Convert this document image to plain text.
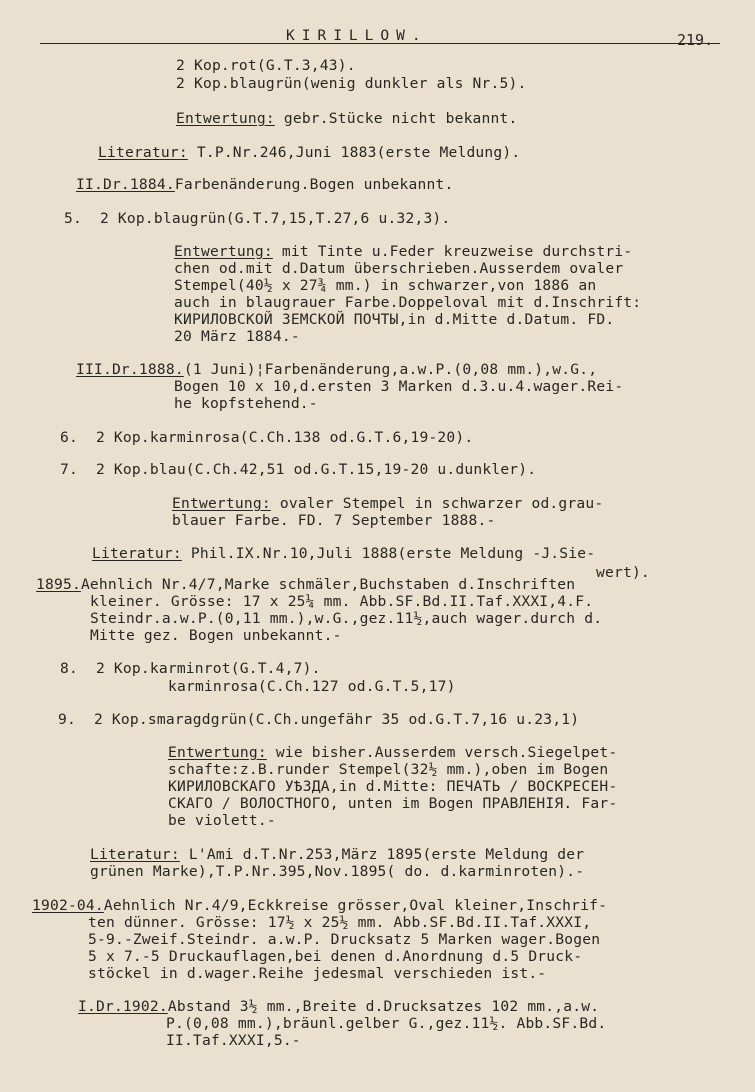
KIRILLOW.	219.
2 Kop.rot(G.T.3,43).
2 Kop.blaugrün(wenig dunkler als Nr.5).
Entwertung: gebr.Stücke nicht bekannt.
Literatur: T.P.Nr.246,Juni 1883(erste Meldung).
II.Dr.1884.Farbenänderung.Bogen unbekannt.
5.  2 Kop.blaugrün(G.T.7,15,T.27,6 u.32,3).
Entwertung: mit Tinte u.Feder kreuzweise durchstri-
chen od.mit d.Datum überschrieben.Ausserdem ovaler
Stempel(40½ x 27¾ mm.) in schwarzer,von 1886 an
auch in blaugrauer Farbe.Doppeloval mit d.Inschrift:
КИРИЛОВСКОЙ ЗЕМСКОЙ ПОЧТЫ,in d.Mitte d.Datum. FD.
20 März 1884.-
III.Dr.1888.(1 Juni)¦Farbenänderung,a.w.P.(0,08 mm.),w.G.,
Bogen 10 x 10,d.ersten 3 Marken d.3.u.4.wager.Rei-
he kopfstehend.-
6.  2 Kop.karminrosa(C.Ch.138 od.G.T.6,19-20).
7.  2 Kop.blau(C.Ch.42,51 od.G.T.15,19-20 u.dunkler).
Entwertung: ovaler Stempel in schwarzer od.grau-
blauer Farbe. FD. 7 September 1888.-
Literatur: Phil.IX.Nr.10,Juli 1888(erste Meldung -J.Sie-
wert).
1895.Aehnlich Nr.4/7,Marke schmäler,Buchstaben d.Inschriften
kleiner. Grösse: 17 x 25¼ mm. Abb.SF.Bd.II.Taf.XXXI,4.F.
Steindr.a.w.P.(0,11 mm.),w.G.,gez.11½,auch wager.durch d.
Mitte gez. Bogen unbekannt.-
8.  2 Kop.karminrot(G.T.4,7).
karminrosa(C.Ch.127 od.G.T.5,17)
9.  2 Kop.smaragdgrün(C.Ch.ungefähr 35 od.G.T.7,16 u.23,1)
Entwertung: wie bisher.Ausserdem versch.Siegelpet-
schafte:z.B.runder Stempel(32½ mm.),oben im Bogen
КИРИЛОВСКАГО УѢЗДА,in d.Mitte: ПЕЧАТЬ / ВОСКРЕСЕН-
СКАГО / ВОЛОСТНОГО, unten im Bogen ПРАВЛЕНІЯ. Far-
be violett.-
Literatur: L'Ami d.T.Nr.253,März 1895(erste Meldung der
grünen Marke),T.P.Nr.395,Nov.1895( do. d.karminroten).-
1902-04.Aehnlich Nr.4/9,Eckkreise grösser,Oval kleiner,Inschrif-
ten dünner. Grösse: 17½ x 25½ mm. Abb.SF.Bd.II.Taf.XXXI,
5-9.-Zweif.Steindr. a.w.P. Drucksatz 5 Marken wager.Bogen
5 x 7.-5 Druckauflagen,bei denen d.Anordnung d.5 Druck-
stöckel in d.wager.Reihe jedesmal verschieden ist.-
I.Dr.1902.Abstand 3½ mm.,Breite d.Drucksatzes 102 mm.,a.w.
P.(0,08 mm.),bräunl.gelber G.,gez.11½. Abb.SF.Bd.
II.Taf.XXXI,5.-
